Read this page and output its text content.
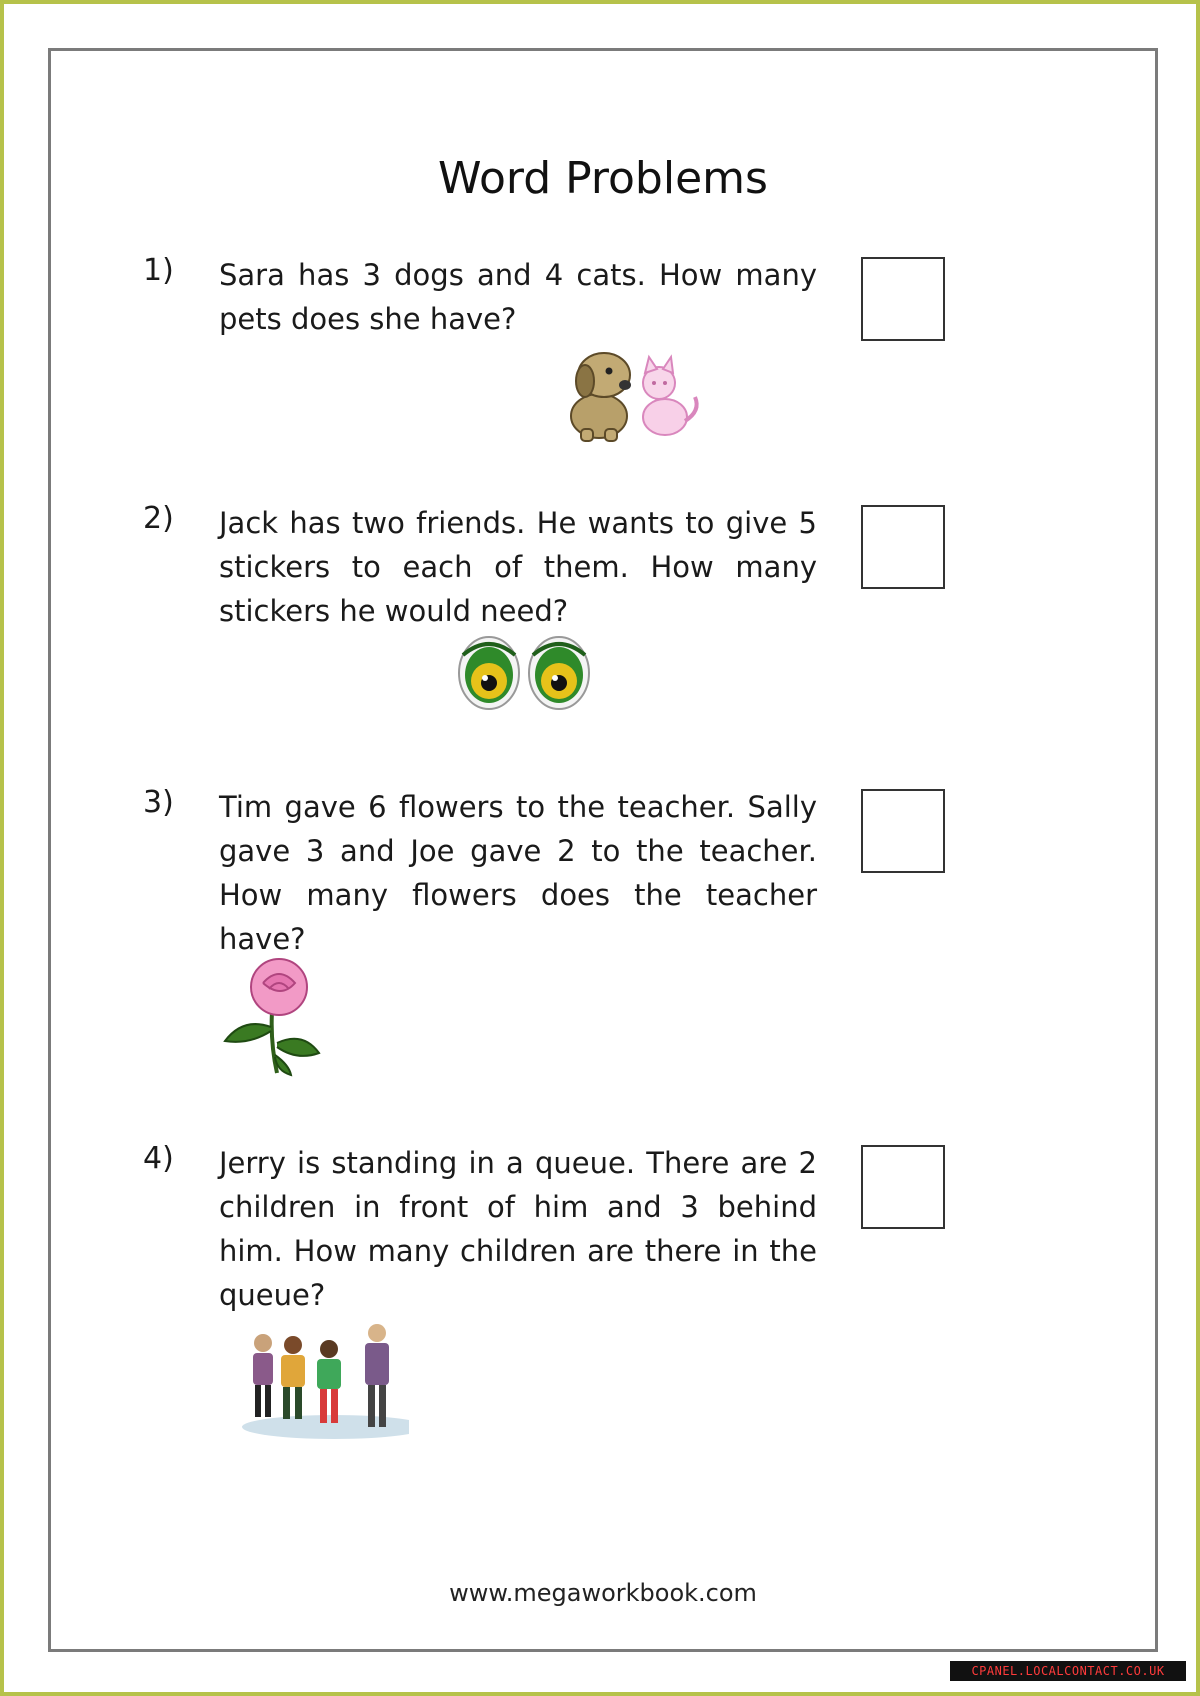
Word Problems
1) Sara has 3 dogs and 4 cats. How many pets does she have?
2) Jack has two friends. He wants to give 5 stickers to each of them. How many stickers he would need?
3) Tim gave 6 flowers to the teacher. Sally gave 3 and Joe gave 2 to the teacher. How many flowers does the teacher have?
4) Jerry is standing in a queue. There are 2 children in front of him and 3 behind him. How many children are there in the queue?
www.megaworkbook.com
CPANEL.LOCALCONTACT.CO.UK
